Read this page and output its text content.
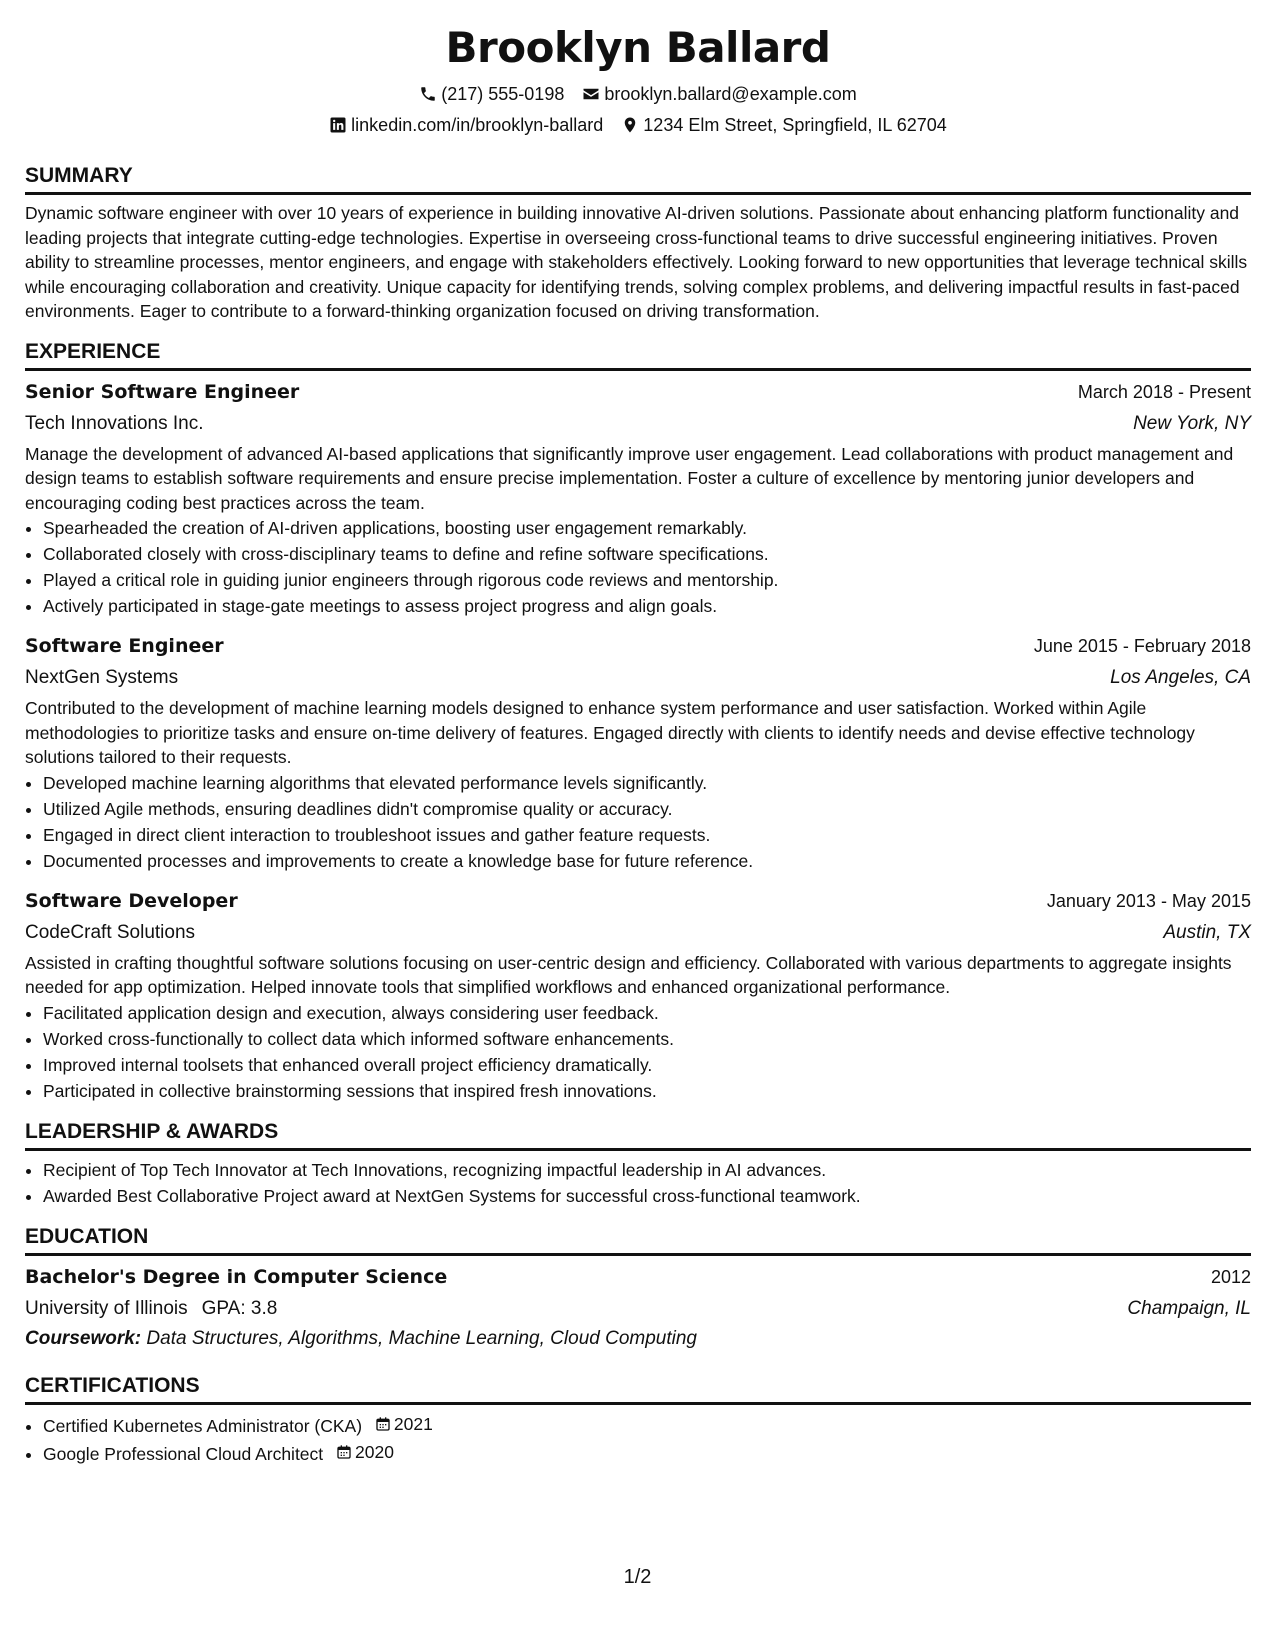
Brooklyn Ballard
(217) 555-0198 brooklyn.ballard@example.com
linkedin.com/in/brooklyn-ballard 1234 Elm Street, Springfield, IL 62704
SUMMARY

Dynamic software engineer with over 10 years of experience in building innovative AI-driven solutions. Passionate about enhancing platform functionality and leading projects that integrate cutting-edge technologies. Expertise in overseeing cross-functional teams to drive successful engineering initiatives. Proven ability to streamline processes, mentor engineers, and engage with stakeholders effectively. Looking forward to new opportunities that leverage technical skills while encouraging collaboration and creativity. Unique capacity for identifying trends, solving complex problems, and delivering impactful results in fast-paced environments. Eager to contribute to a forward-thinking organization focused on driving transformation.

EXPERIENCE
Senior Software Engineer	March 2018 - Present
Tech Innovations Inc.	New York, NY
Manage the development of advanced AI-based applications that significantly improve user engagement. Lead collaborations with product management and design teams to establish software requirements and ensure precise implementation. Foster a culture of excellence by mentoring junior developers and encouraging coding best practices across the team.
• Spearheaded the creation of AI-driven applications, boosting user engagement remarkably.
• Collaborated closely with cross-disciplinary teams to define and refine software specifications.
• Played a critical role in guiding junior engineers through rigorous code reviews and mentorship.
• Actively participated in stage-gate meetings to assess project progress and align goals.
Software Engineer	June 2015 - February 2018
NextGen Systems	Los Angeles, CA
Contributed to the development of machine learning models designed to enhance system performance and user satisfaction. Worked within Agile methodologies to prioritize tasks and ensure on-time delivery of features. Engaged directly with clients to identify needs and devise effective technology solutions tailored to their requests.
• Developed machine learning algorithms that elevated performance levels significantly.
• Utilized Agile methods, ensuring deadlines didn't compromise quality or accuracy.
• Engaged in direct client interaction to troubleshoot issues and gather feature requests.
• Documented processes and improvements to create a knowledge base for future reference.
Software Developer	January 2013 - May 2015
CodeCraft Solutions	Austin, TX
Assisted in crafting thoughtful software solutions focusing on user-centric design and efficiency. Collaborated with various departments to aggregate insights needed for app optimization. Helped innovate tools that simplified workflows and enhanced organizational performance.
• Facilitated application design and execution, always considering user feedback.
• Worked cross-functionally to collect data which informed software enhancements.
• Improved internal toolsets that enhanced overall project efficiency dramatically.
• Participated in collective brainstorming sessions that inspired fresh innovations.
LEADERSHIP & AWARDS
• Recipient of Top Tech Innovator at Tech Innovations, recognizing impactful leadership in AI advances.
• Awarded Best Collaborative Project award at NextGen Systems for successful cross-functional teamwork.
EDUCATION
Bachelor's Degree in Computer Science	2012
University of Illinois GPA: 3.8	Champaign, IL
Coursework: Data Structures, Algorithms, Machine Learning, Cloud Computing
CERTIFICATIONS
• Certified Kubernetes Administrator (CKA) 2021
• Google Professional Cloud Architect 2020
1/2
